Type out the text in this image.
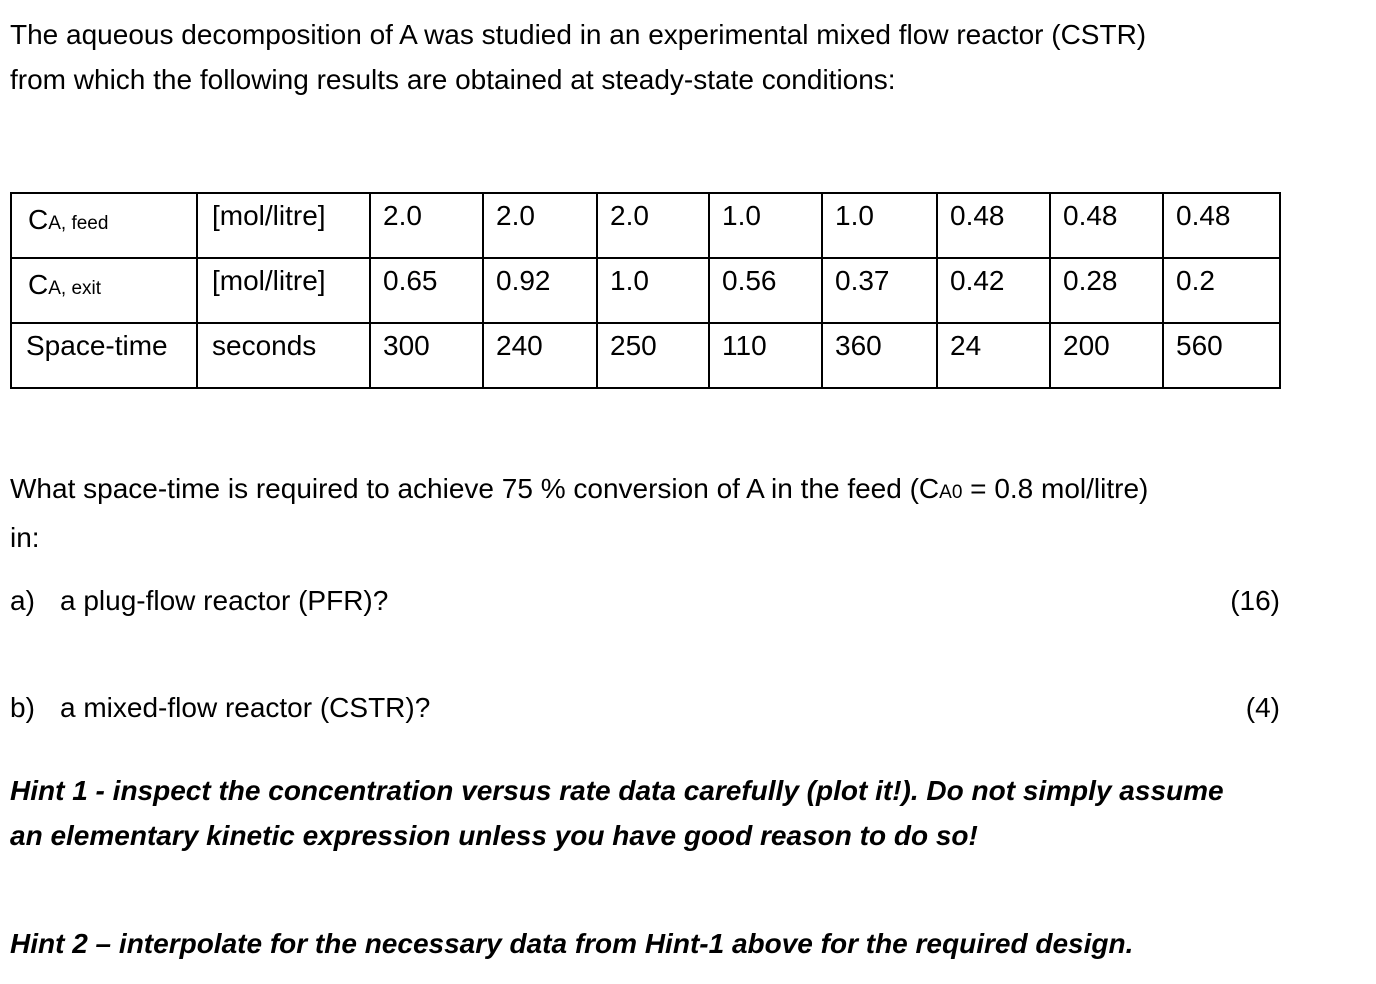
The aqueous decomposition of A was studied in an experimental mixed flow reactor (CSTR)
from which the following results are obtained at steady-state conditions:
CA, feed	[mol/litre]	2.0	2.0	2.0	1.0	1.0	0.48	0.48	0.48
CA, exit	[mol/litre]	0.65	0.92	1.0	0.56	0.37	0.42	0.28	0.2
Space-time	seconds	300	240	250	110	360	24	200	560
What space-time is required to achieve 75 % conversion of A in the feed (CA0 = 0.8 mol/litre)
in:
a) a plug-flow reactor (PFR)?	(16)
b) a mixed-flow reactor (CSTR)?	(4)
Hint 1 - inspect the concentration versus rate data carefully (plot it!). Do not simply assume
an elementary kinetic expression unless you have good reason to do so!
Hint 2 – interpolate for the necessary data from Hint-1 above for the required design.
